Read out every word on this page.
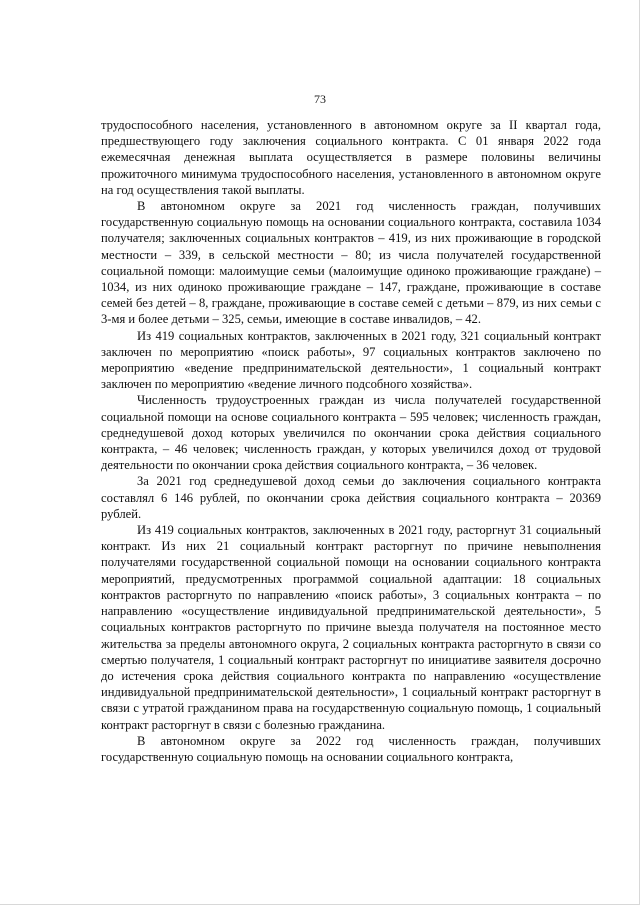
73

трудоспособного населения, установленного в автономном округе за II квартал года, предшествующего году заключения социального контракта. С 01 января 2022 года ежемесячная денежная выплата осуществляется в размере половины величины прожиточного минимума трудоспособного населения, установленного в автономном округе на год осуществления такой выплаты.

В автономном округе за 2021 год численность граждан, получивших государственную социальную помощь на основании социального контракта, составила 1034 получателя; заключенных социальных контрактов – 419, из них проживающие в городской местности – 339, в сельской местности – 80; из числа получателей государственной социальной помощи: малоимущие семьи (малоимущие одиноко проживающие граждане) – 1034, из них одиноко проживающие граждане – 147, граждане, проживающие в составе семей без детей – 8, граждане, проживающие в составе семей с детьми – 879, из них семьи с 3-мя и более детьми – 325, семьи, имеющие в составе инвалидов, – 42.

Из 419 социальных контрактов, заключенных в 2021 году, 321 социальный контракт заключен по мероприятию «поиск работы», 97 социальных контрактов заключено по мероприятию «ведение предпринимательской деятельности», 1 социальный контракт заключен по мероприятию «ведение личного подсобного хозяйства».

Численность трудоустроенных граждан из числа получателей государственной социальной помощи на основе социального контракта – 595 человек; численность граждан, среднедушевой доход которых увеличился по окончании срока действия социального контракта, – 46 человек; численность граждан, у которых увеличился доход от трудовой деятельности по окончании срока действия социального контракта, – 36 человек.

За 2021 год среднедушевой доход семьи до заключения социального контракта составлял 6 146 рублей, по окончании срока действия социального контракта – 20369 рублей.

Из 419 социальных контрактов, заключенных в 2021 году, расторгнут 31 социальный контракт. Из них 21 социальный контракт расторгнут по причине невыполнения получателями государственной социальной помощи на основании социального контракта мероприятий, предусмотренных программой социальной адаптации: 18 социальных контрактов расторгнуто по направлению «поиск работы», 3 социальных контракта – по направлению «осуществление индивидуальной предпринимательской деятельности», 5 социальных контрактов расторгнуто по причине выезда получателя на постоянное место жительства за пределы автономного округа, 2 социальных контракта расторгнуто в связи со смертью получателя, 1 социальный контракт расторгнут по инициативе заявителя досрочно до истечения срока действия социального контракта по направлению «осуществление индивидуальной предпринимательской деятельности», 1 социальный контракт расторгнут в связи с утратой гражданином права на государственную социальную помощь, 1 социальный контракт расторгнут в связи с болезнью гражданина.

В автономном округе за 2022 год численность граждан, получивших государственную социальную помощь на основании социального контракта,
